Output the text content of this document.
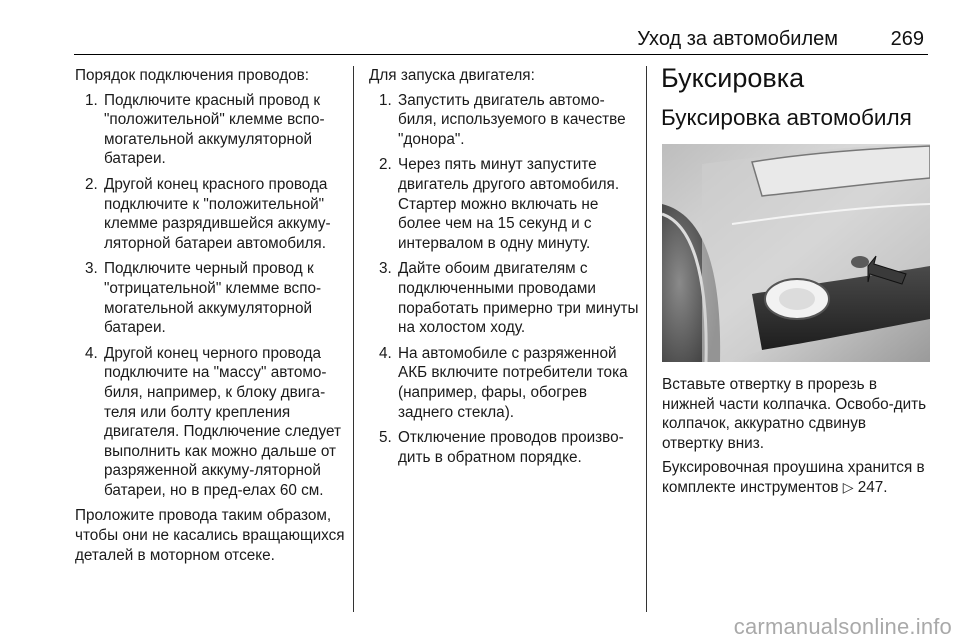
Уход за автомобилем	269

Порядок подключения проводов:

1. Подключите красный провод к "положительной" клемме вспо-могательной аккумуляторной батареи.
2. Другой конец красного провода подключите к "положительной" клемме разрядившейся аккуму-ляторной батареи автомобиля.
3. Подключите черный провод к "отрицательной" клемме вспо-могательной аккумуляторной батареи.
4. Другой конец черного провода подключите на "массу" автомо-биля, например, к блоку двига-теля или болту крепления двигателя. Подключение следует выполнить как можно дальше от разряженной аккуму-ляторной батареи, но в пред-елах 60 см.

Проложите провода таким образом, чтобы они не касались вращающихся деталей в моторном отсеке.

Для запуска двигателя:

1. Запустить двигатель автомо-биля, используемого в качестве "донора".
2. Через пять минут запустите двигатель другого автомобиля. Стартер можно включать не более чем на 15 секунд и с интервалом в одну минуту.
3. Дайте обоим двигателям с подключенными проводами поработать примерно три минуты на холостом ходу.
4. На автомобиле с разряженной АКБ включите потребители тока (например, фары, обогрев заднего стекла).
5. Отключение проводов произво-дить в обратном порядке.
Буксировка
Буксировка автомобиля

Вставьте отвертку в прорезь в нижней части колпачка. Освобо-дить колпачок, аккуратно сдвинув отвертку вниз.

Буксировочная проушина хранится в комплекте инструментов ▷ 247.

carmanualsonline.info
